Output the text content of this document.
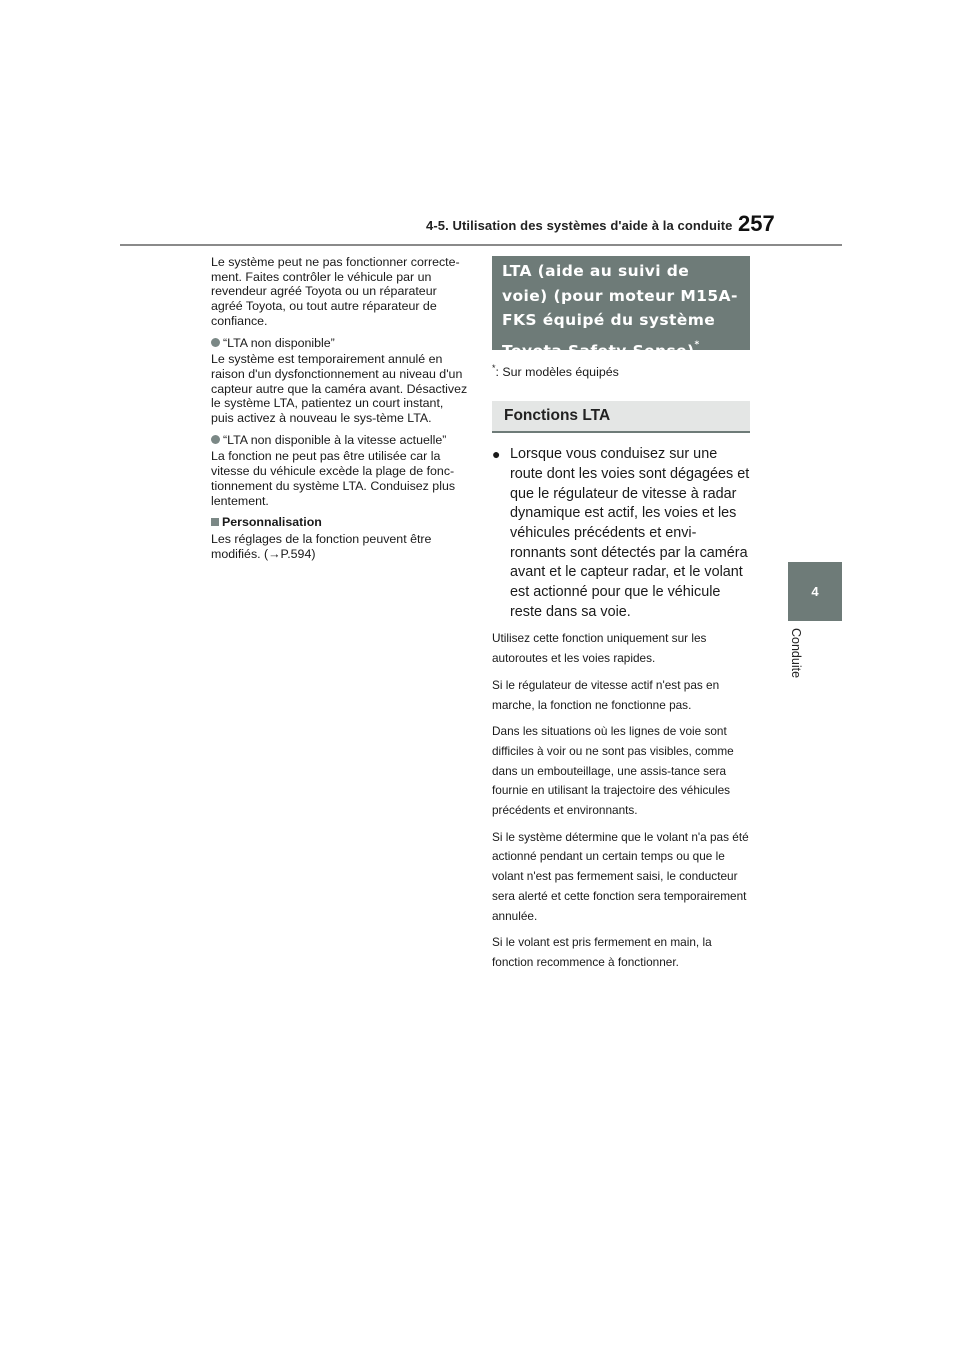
4-5. Utilisation des systèmes d'aide à la conduite 257
4
Conduite

Le système peut ne pas fonctionner correcte-ment. Faites contrôler le véhicule par un revendeur agréé Toyota ou un réparateur agréé Toyota, ou tout autre réparateur de confiance.

“LTA non disponible”

Le système est temporairement annulé en raison d'un dysfonctionnement au niveau d'un capteur autre que la caméra avant. Désactivez le système LTA, patientez un court instant, puis activez à nouveau le sys-tème LTA.

“LTA non disponible à la vitesse actuelle”

La fonction ne peut pas être utilisée car la vitesse du véhicule excède la plage de fonc-tionnement du système LTA. Conduisez plus lentement.

Personnalisation

Les réglages de la fonction peuvent être modifiés. (→P.594)

LTA (aide au suivi de voie) (pour moteur M15A-FKS équipé du système Toyota Safety Sense)*
*: Sur modèles équipés
Fonctions LTA
● Lorsque vous conduisez sur une route dont les voies sont dégagées et que le régulateur de vitesse à radar dynamique est actif, les voies et les véhicules précédents et envi-ronnants sont détectés par la caméra avant et le capteur radar, et le volant est actionné pour que le véhicule reste dans sa voie.

Utilisez cette fonction uniquement sur les autoroutes et les voies rapides.

Si le régulateur de vitesse actif n'est pas en marche, la fonction ne fonctionne pas.

Dans les situations où les lignes de voie sont difficiles à voir ou ne sont pas visibles, comme dans un embouteillage, une assis-tance sera fournie en utilisant la trajectoire des véhicules précédents et environnants.

Si le système détermine que le volant n'a pas été actionné pendant un certain temps ou que le volant n'est pas fermement saisi, le conducteur sera alerté et cette fonction sera temporairement annulée.

Si le volant est pris fermement en main, la fonction recommence à fonctionner.
